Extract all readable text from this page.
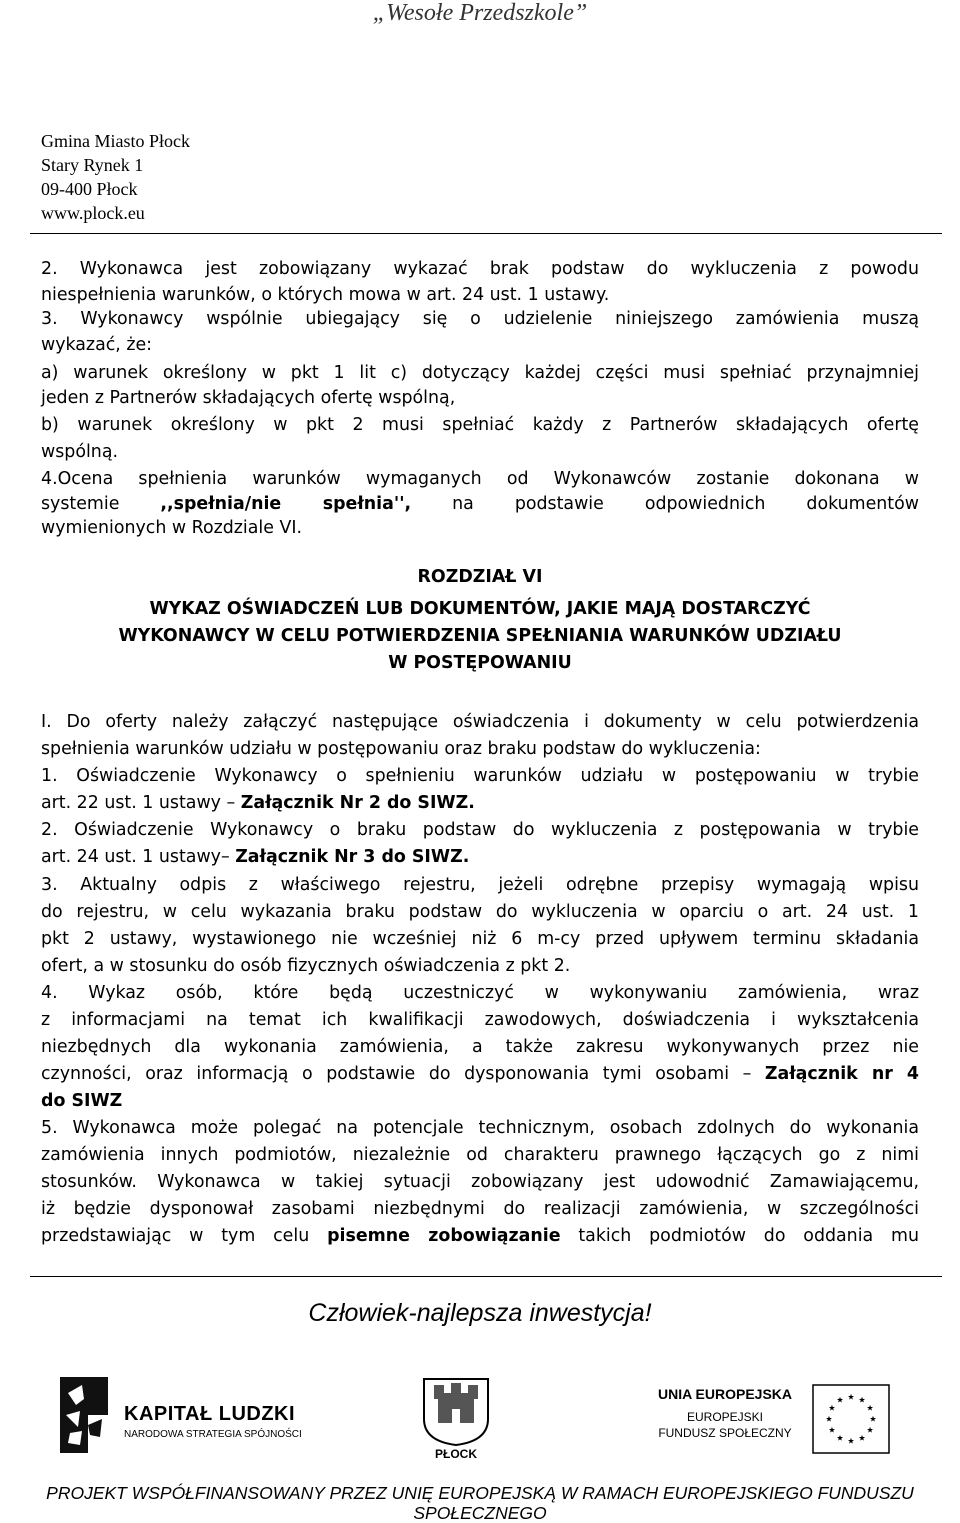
„Wesołe Przedszkole”
Gmina Miasto Płock
Stary Rynek 1
09-400 Płock
www.plock.eu
2. Wykonawca jest zobowiązany wykazać brak podstaw do wykluczenia z powodu
niespełnienia warunków, o których mowa w art. 24 ust. 1 ustawy.
3. Wykonawcy wspólnie ubiegający się o udzielenie niniejszego zamówienia muszą
wykazać, że:
a) warunek określony w pkt 1 lit c) dotyczący każdej części musi spełniać przynajmniej
jeden z Partnerów składających ofertę wspólną,
b) warunek określony w pkt 2 musi spełniać każdy z Partnerów składających ofertę
wspólną.
4.Ocena spełnienia warunków wymaganych od Wykonawców zostanie dokonana w
systemie ,,spełnia/nie spełnia'', na podstawie odpowiednich dokumentów
wymienionych w Rozdziale VI.
ROZDZIAŁ VI
WYKAZ OŚWIADCZEŃ LUB DOKUMENTÓW, JAKIE MAJĄ DOSTARCZYĆ
WYKONAWCY W CELU POTWIERDZENIA SPEŁNIANIA WARUNKÓW UDZIAŁU
W POSTĘPOWANIU
I. Do oferty należy załączyć następujące oświadczenia i dokumenty w celu potwierdzenia
spełnienia warunków udziału w postępowaniu oraz braku podstaw do wykluczenia:
1. Oświadczenie Wykonawcy o spełnieniu warunków udziału w postępowaniu w trybie
art. 22 ust. 1 ustawy – Załącznik Nr 2 do SIWZ.
2. Oświadczenie Wykonawcy o braku podstaw do wykluczenia z postępowania w trybie
art. 24 ust. 1 ustawy– Załącznik Nr 3 do SIWZ.
3. Aktualny odpis z właściwego rejestru, jeżeli odrębne przepisy wymagają wpisu
do rejestru, w celu wykazania braku podstaw do wykluczenia w oparciu o art. 24 ust. 1
pkt 2 ustawy, wystawionego nie wcześniej niż 6 m-cy przed upływem terminu składania
ofert, a w stosunku do osób fizycznych oświadczenia z pkt 2.
4. Wykaz osób, które będą uczestniczyć w wykonywaniu zamówienia, wraz
z informacjami na temat ich kwalifikacji zawodowych, doświadczenia i wykształcenia
niezbędnych dla wykonania zamówienia, a także zakresu wykonywanych przez nie
czynności, oraz informacją o podstawie do dysponowania tymi osobami – Załącznik nr 4
do SIWZ
5. Wykonawca może polegać na potencjale technicznym, osobach zdolnych do wykonania
zamówienia innych podmiotów, niezależnie od charakteru prawnego łączących go z nimi
stosunków. Wykonawca w takiej sytuacji zobowiązany jest udowodnić Zamawiającemu,
iż będzie dysponował zasobami niezbędnymi do realizacji zamówienia, w szczególności
przedstawiając w tym celu pisemne zobowiązanie takich podmiotów do oddania mu
Człowiek-najlepsza inwestycja!
KAPITAŁ LUDZKI
NARODOWA STRATEGIA SPÓJNOŚCI
PŁOCK
UNIA EUROPEJSKA
EUROPEJSKI
FUNDUSZ SPOŁECZNY
PROJEKT WSPÓŁFINANSOWANY PRZEZ UNIĘ EUROPEJSKĄ W RAMACH EUROPEJSKIEGO FUNDUSZU
SPOŁECZNEGO
